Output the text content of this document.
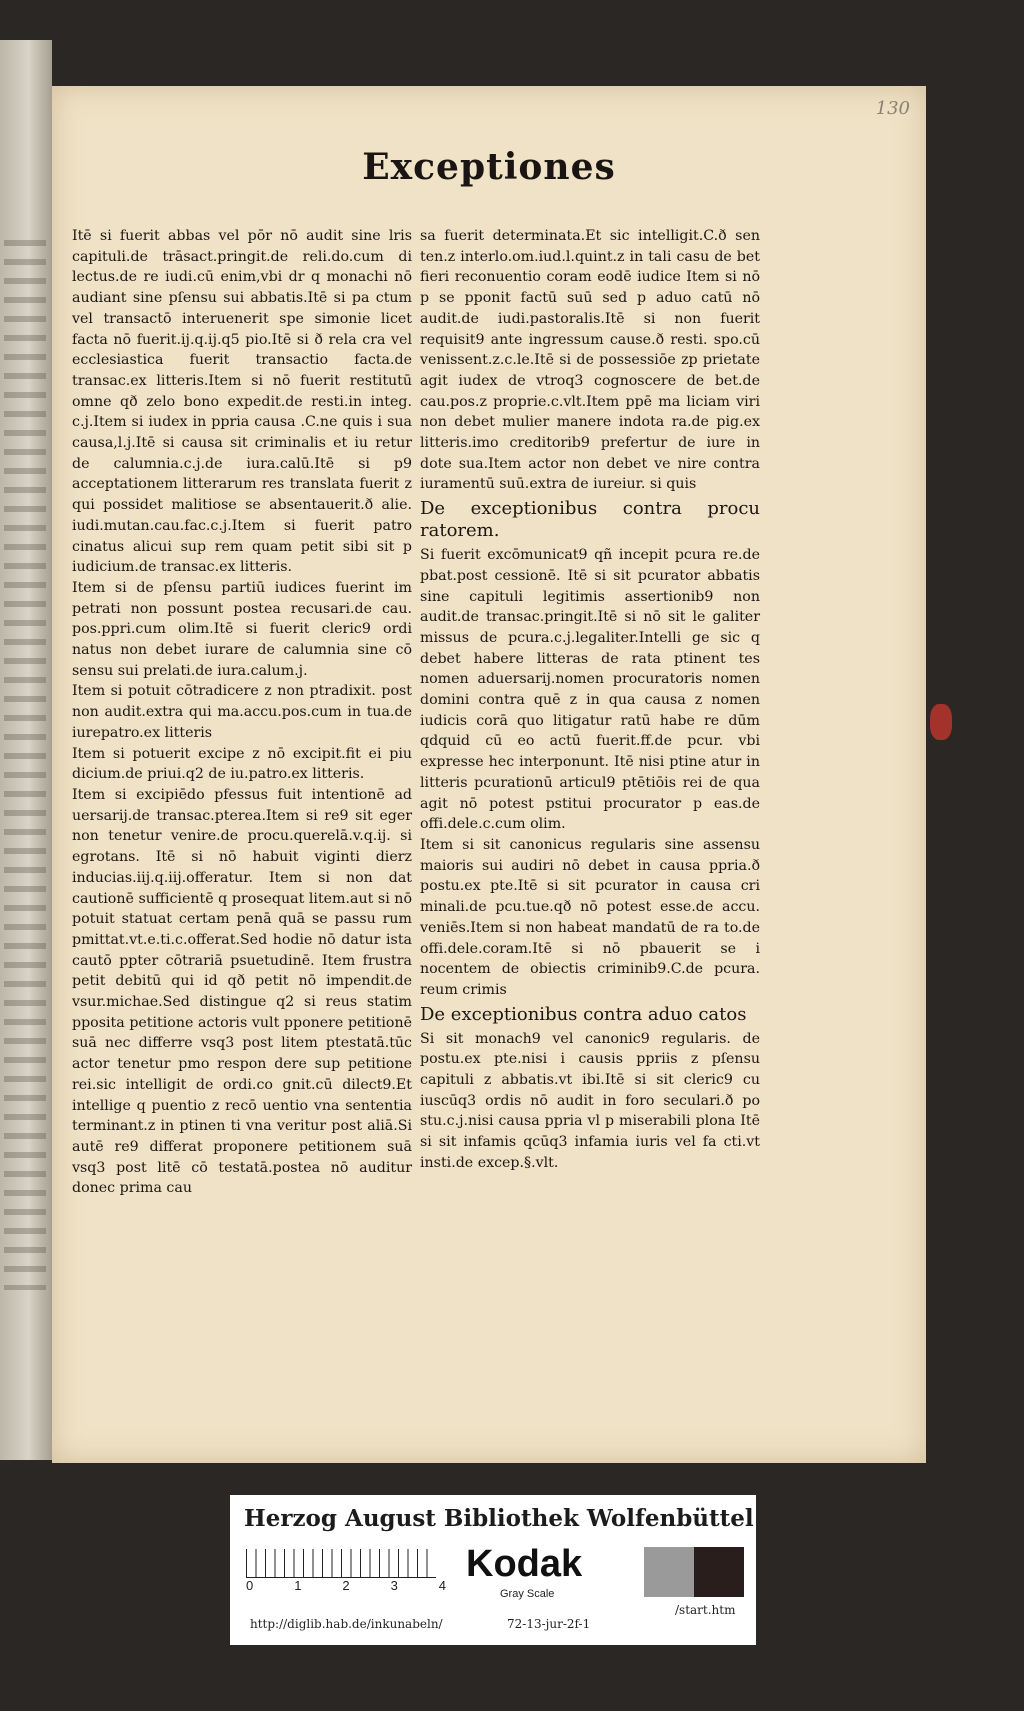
130
Exceptiones

Itē si fuerit abbas vel pōr nō audit sine lris capituli.de trāsact.pringit.de reli.do.cum di lectus.de re iudi.cū enim,vbi dr q monachi nō audiant sine pſensu sui abbatis.Itē si pa ctum vel transactō interuenerit spe simonie licet facta nō fuerit.ij.q.ij.q5 pio.Itē si ð rela cra vel ecclesiastica fuerit transactio facta.de transac.ex litteris.Item si nō fuerit restitutū omne qð zelo bono expedit.de resti.in integ. c.j.Item si iudex in ppria causa .C.ne quis i sua causa,l.j.Itē si causa sit criminalis et iu retur de calumnia.c.j.de iura.calū.Itē si p9 acceptationem litterarum res translata fuerit z qui possidet malitiose se absentauerit.ð alie. iudi.mutan.cau.fac.c.j.Item si fuerit patro cinatus alicui sup rem quam petit sibi sit p iudicium.de transac.ex litteris.

Item si de pſensu partiū iudices fuerint im petrati non possunt postea recusari.de cau. pos.ppri.cum olim.Itē si fuerit cleric9 ordi natus non debet iurare de calumnia sine cō sensu sui prelati.de iura.calum.j.

Item si potuit cōtradicere z non ptradixit. post non audit.extra qui ma.accu.pos.cum in tua.de iurepatro.ex litteris

Item si potuerit excipe z nō excipit.fit ei piu dicium.de priui.q2 de iu.patro.ex litteris.

Item si excipiēdo pfessus fuit intentionē ad uersarij.de transac.pterea.Item si re9 sit eger non tenetur venire.de procu.querelā.v.q.ij. si egrotans. Itē si nō habuit viginti dierz inducias.iij.q.iij.offeratur. Item si non dat cautionē sufficientē q prosequat litem.aut si nō potuit statuat certam penā quā se passu rum pmittat.vt.e.ti.c.offerat.Sed hodie nō datur ista cautō ppter cōtrariā psuetudinē. Item frustra petit debitū qui id qð petit nō impendit.de vsur.michae.Sed distingue q2 si reus statim pposita petitione actoris vult pponere petitionē suā nec differre vsq3 post litem ptestatā.tūc actor tenetur pmo respon dere sup petitione rei.sic intelligit de ordi.co gnit.cū dilect9.Et intellige q puentio z recō uentio vna sententia terminant.z in ptinen ti vna veritur post aliā.Si autē re9 differat proponere petitionem suā vsq3 post litē cō testatā.postea nō auditur donec prima cau

sa fuerit determinata.Et sic intelligit.C.ð sen ten.z interlo.om.iud.l.quint.z in tali casu de bet fieri reconuentio coram eodē iudice Item si nō p se pponit factū suū sed p aduo catū nō audit.de iudi.pastoralis.Itē si non fuerit requisit9 ante ingressum cause.ð resti. spo.cū venissent.z.c.le.Itē si de possessiōe zp prietate agit iudex de vtroq3 cognoscere de bet.de cau.pos.z proprie.c.vlt.Item ppē ma liciam viri non debet mulier manere indota ra.de pig.ex litteris.imo creditorib9 prefertur de iure in dote sua.Item actor non debet ve nire contra iuramentū suū.extra de iureiur. si quis

De exceptionibus contra procu ratorem.

Si fuerit excōmunicat9 qñ incepit pcura re.de pbat.post cessionē. Itē si sit pcurator abbatis sine capituli legitimis assertionib9 non audit.de transac.pringit.Itē si nō sit le galiter missus de pcura.c.j.legaliter.Intelli ge sic q debet habere litteras de rata ptinent tes nomen aduersarij.nomen procuratoris nomen domini contra quē z in qua causa z nomen iudicis corā quo litigatur ratū habe re dūm qdquid cū eo actū fuerit.ff.de pcur. vbi expresse hec interponunt. Itē nisi ptine atur in litteris pcurationū articul9 ptētiōis rei de qua agit nō potest pstitui procurator p eas.de offi.dele.c.cum olim.

Item si sit canonicus regularis sine assensu maioris sui audiri nō debet in causa ppria.ð postu.ex pte.Itē si sit pcurator in causa cri minali.de pcu.tue.qð nō potest esse.de accu. veniēs.Item si non habeat mandatū de ra to.de offi.dele.coram.Itē si nō pbauerit se i nocentem de obiectis criminib9.C.de pcura. reum crimis

De exceptionibus contra aduo catos

Si sit monach9 vel canonic9 regularis. de postu.ex pte.nisi i causis ppriis z pſensu capituli z abbatis.vt ibi.Itē si sit cleric9 cu iuscūq3 ordis nō audit in foro seculari.ð po stu.c.j.nisi causa ppria vl p miserabili plona Itē si sit infamis qcūq3 infamia iuris vel fa cti.vt insti.de excep.§.vlt.

Herzog August Bibliothek Wolfenbüttel
0	1	2	3	4
Kodak
Gray Scale
http://diglib.hab.de/inkunabeln/	72-13-jur-2f-1
/start.htm
